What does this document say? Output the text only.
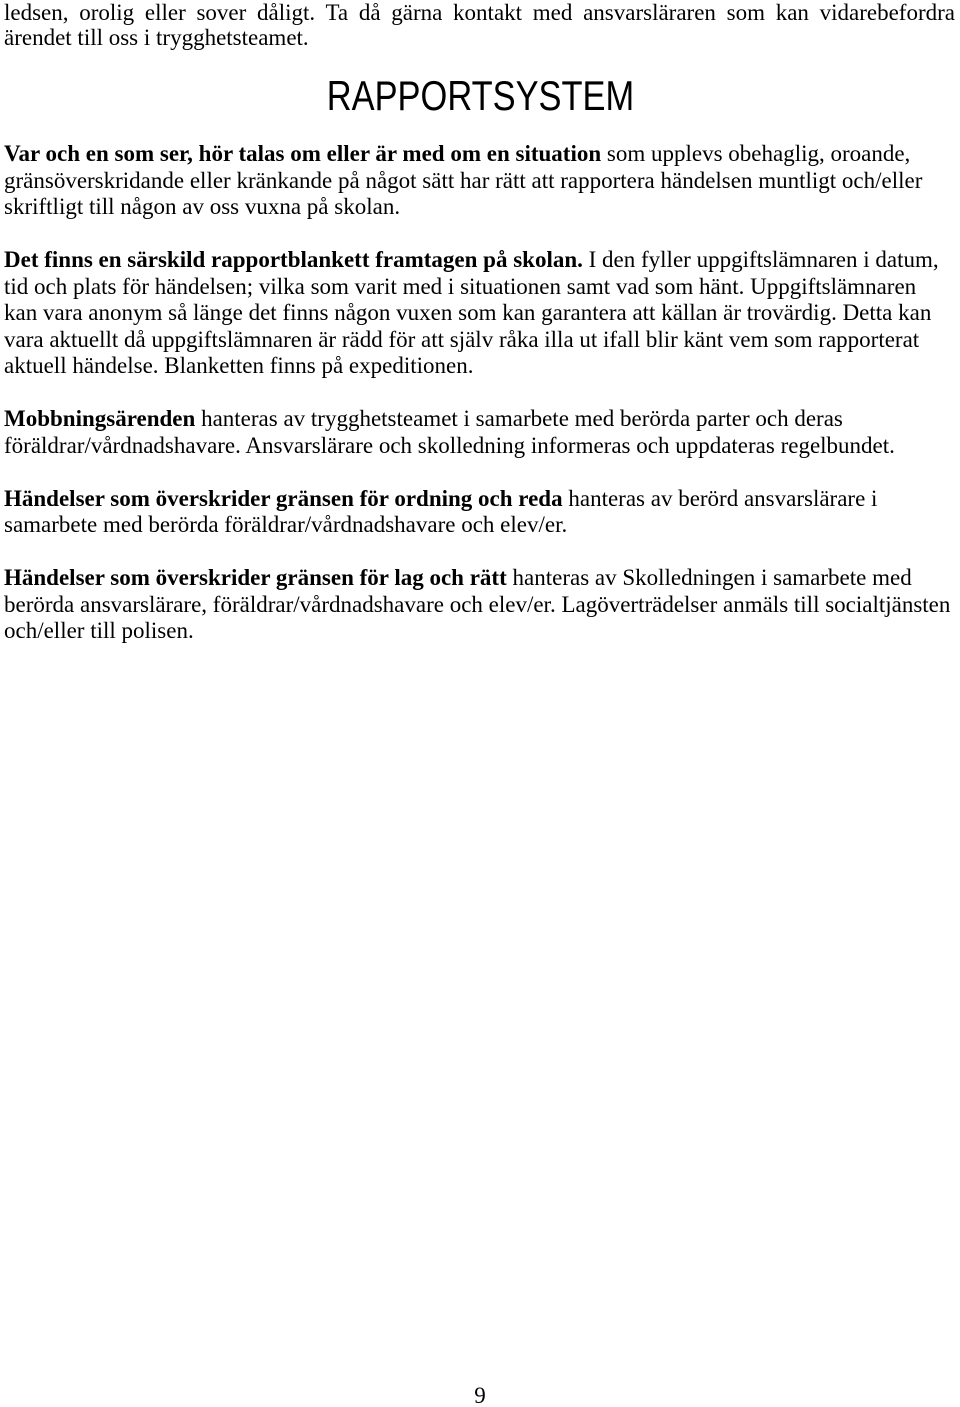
ledsen, orolig eller sover dåligt. Ta då gärna kontakt med ansvarsläraren som kan vidarebefordra
ärendet till oss i trygghetsteamet.
RAPPORTSYSTEM
Var och en som ser, hör talas om eller är med om en situation som upplevs obehaglig, oroande,
gränsöverskridande eller kränkande på något sätt har rätt att rapportera händelsen muntligt och/eller
skriftligt till någon av oss vuxna på skolan.
Det finns en särskild rapportblankett framtagen på skolan. I den fyller uppgiftslämnaren i datum,
tid och plats för händelsen; vilka som varit med i situationen samt vad som hänt. Uppgiftslämnaren
kan vara anonym så länge det finns någon vuxen som kan garantera att källan är trovärdig. Detta kan
vara aktuellt då uppgiftslämnaren är rädd för att själv råka illa ut ifall blir känt vem som rapporterat
aktuell händelse. Blanketten finns på expeditionen.
Mobbningsärenden hanteras av trygghetsteamet i samarbete med berörda parter och deras
föräldrar/vårdnadshavare. Ansvarslärare och skolledning informeras och uppdateras regelbundet.
Händelser som överskrider gränsen för ordning och reda hanteras av berörd ansvarslärare i
samarbete med berörda föräldrar/vårdnadshavare och elev/er.
Händelser som överskrider gränsen för lag och rätt hanteras av Skolledningen i samarbete med
berörda ansvarslärare, föräldrar/vårdnadshavare och elev/er. Lagöverträdelser anmäls till socialtjänsten
och/eller till polisen.
9
